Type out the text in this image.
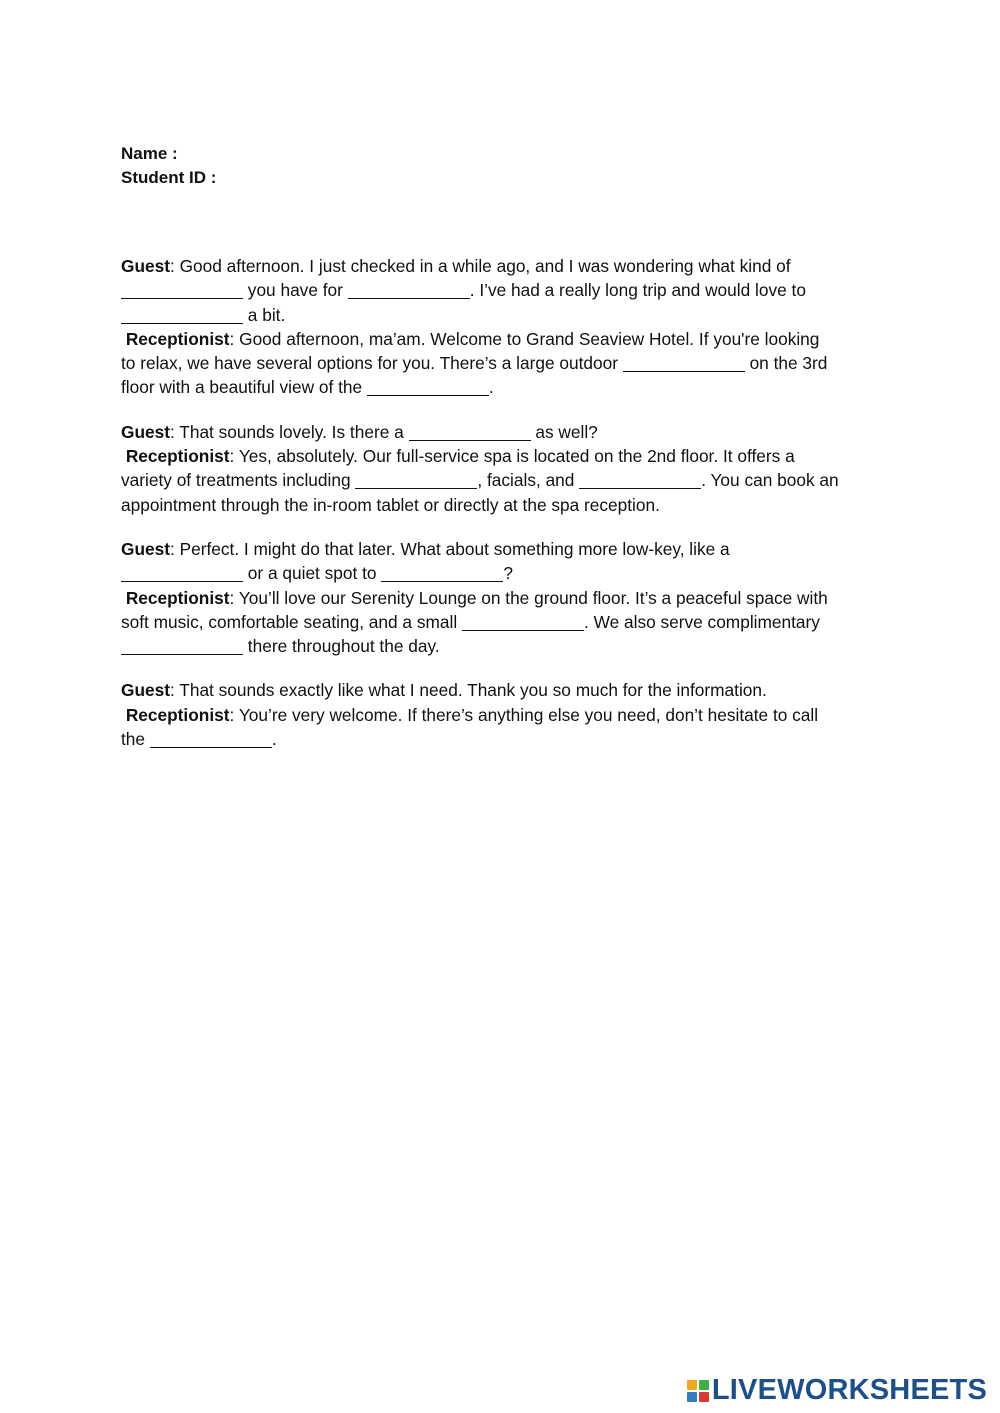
Name :

Student ID :

Guest: Good afternoon. I just checked in a while ago, and I was wondering what kind of

you have for	. I’ve had a really long trip and would love to

a bit.

Receptionist: Good afternoon, ma’am. Welcome to Grand Seaview Hotel. If you're looking

to relax, we have several options for you. There’s a large outdoor	on the 3rd

floor with a beautiful view of the	.

Guest: That sounds lovely. Is there a	as well?

Receptionist: Yes, absolutely. Our full-service spa is located on the 2nd floor. It offers a

variety of treatments including	, facials, and	. You can book an

appointment through the in-room tablet or directly at the spa reception.

Guest: Perfect. I might do that later. What about something more low-key, like a

or a quiet spot to	?

Receptionist: You’ll love our Serenity Lounge on the ground floor. It’s a peaceful space with

soft music, comfortable seating, and a small	. We also serve complimentary

there throughout the day.

Guest: That sounds exactly like what I need. Thank you so much for the information.

Receptionist: You’re very welcome. If there’s anything else you need, don’t hesitate to call

the	.

LIVEWORKSHEETS
